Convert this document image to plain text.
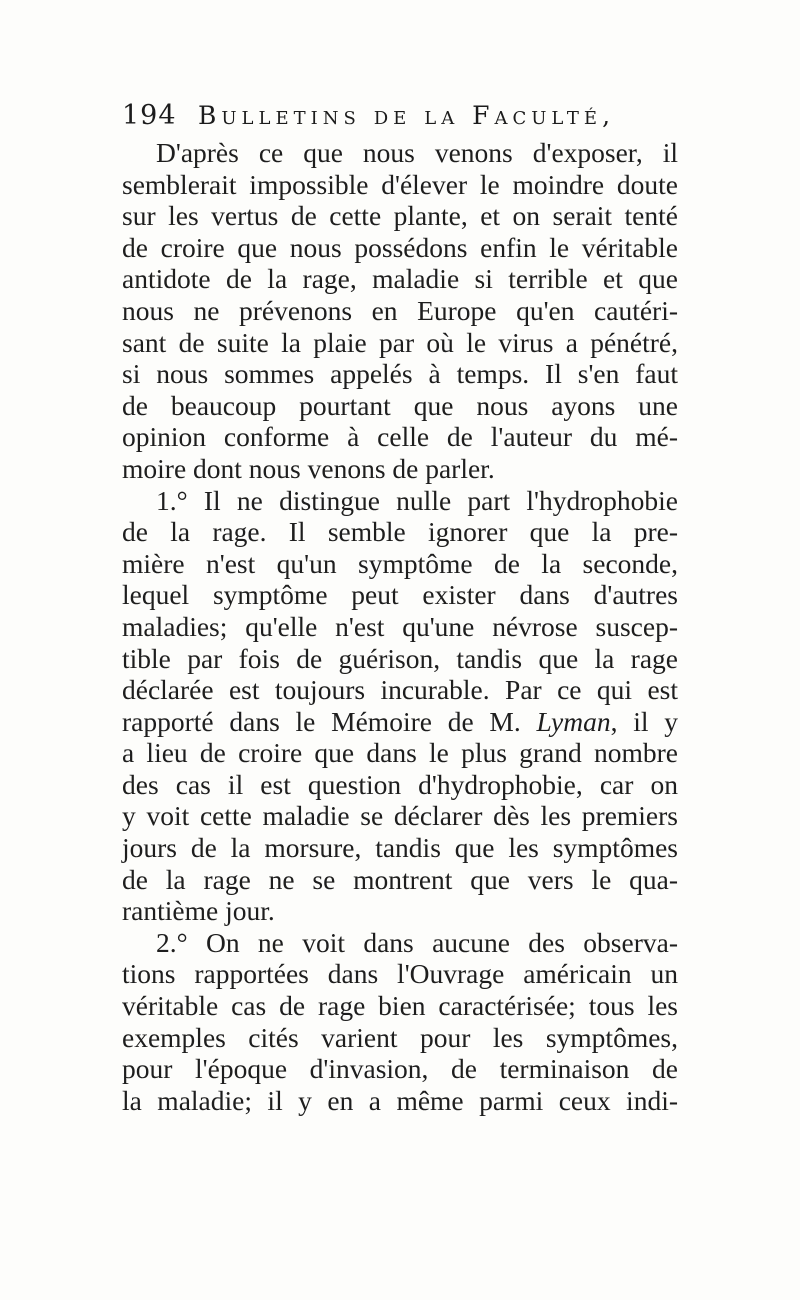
194 Bulletins de la Faculté,
D'après ce que nous venons d'exposer, il
semblerait impossible d'élever le moindre doute
sur les vertus de cette plante, et on serait tenté
de croire que nous possédons enfin le véritable
antidote de la rage, maladie si terrible et que
nous ne prévenons en Europe qu'en cautéri-
sant de suite la plaie par où le virus a pénétré,
si nous sommes appelés à temps. Il s'en faut
de beaucoup pourtant que nous ayons une
opinion conforme à celle de l'auteur du mé-
moire dont nous venons de parler.
1.° Il ne distingue nulle part l'hydrophobie
de la rage. Il semble ignorer que la pre-
mière n'est qu'un symptôme de la seconde,
lequel symptôme peut exister dans d'autres
maladies; qu'elle n'est qu'une névrose suscep-
tible par fois de guérison, tandis que la rage
déclarée est toujours incurable. Par ce qui est
rapporté dans le Mémoire de M. Lyman, il y
a lieu de croire que dans le plus grand nombre
des cas il est question d'hydrophobie, car on
y voit cette maladie se déclarer dès les premiers
jours de la morsure, tandis que les symptômes
de la rage ne se montrent que vers le qua-
rantième jour.
2.° On ne voit dans aucune des observa-
tions rapportées dans l'Ouvrage américain un
véritable cas de rage bien caractérisée; tous les
exemples cités varient pour les symptômes,
pour l'époque d'invasion, de terminaison de
la maladie; il y en a même parmi ceux indi-
